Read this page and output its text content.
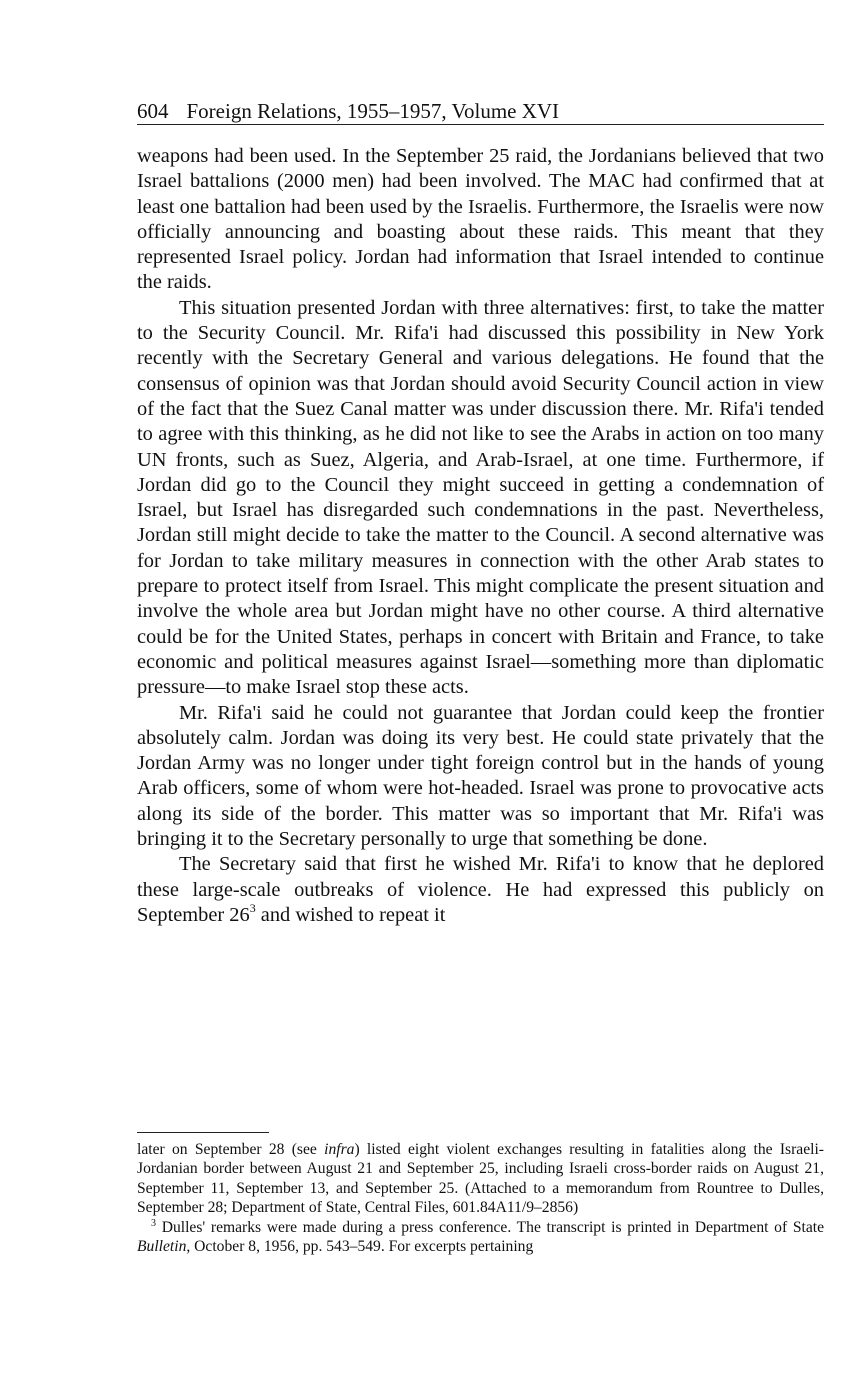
604 Foreign Relations, 1955–1957, Volume XVI

weapons had been used. In the September 25 raid, the Jordanians believed that two Israel battalions (2000 men) had been involved. The MAC had confirmed that at least one battalion had been used by the Israelis. Furthermore, the Israelis were now officially announcing and boasting about these raids. This meant that they represented Israel policy. Jordan had information that Israel intended to continue the raids.

This situation presented Jordan with three alternatives: first, to take the matter to the Security Council. Mr. Rifa'i had discussed this possibility in New York recently with the Secretary General and various delegations. He found that the consensus of opinion was that Jordan should avoid Security Council action in view of the fact that the Suez Canal matter was under discussion there. Mr. Rifa'i tended to agree with this thinking, as he did not like to see the Arabs in action on too many UN fronts, such as Suez, Algeria, and Arab-Israel, at one time. Furthermore, if Jordan did go to the Council they might succeed in getting a condemnation of Israel, but Israel has disregarded such condemnations in the past. Nevertheless, Jordan still might decide to take the matter to the Council. A second alternative was for Jordan to take military measures in connection with the other Arab states to prepare to protect itself from Israel. This might complicate the present situation and involve the whole area but Jordan might have no other course. A third alternative could be for the United States, perhaps in concert with Britain and France, to take economic and political measures against Israel—something more than diplomatic pressure—to make Israel stop these acts.

Mr. Rifa'i said he could not guarantee that Jordan could keep the frontier absolutely calm. Jordan was doing its very best. He could state privately that the Jordan Army was no longer under tight foreign control but in the hands of young Arab officers, some of whom were hot-headed. Israel was prone to provocative acts along its side of the border. This matter was so important that Mr. Rifa'i was bringing it to the Secretary personally to urge that something be done.

The Secretary said that first he wished Mr. Rifa'i to know that he deplored these large-scale outbreaks of violence. He had expressed this publicly on September $26^3$ and wished to repeat it

later on September 28 (see infra) listed eight violent exchanges resulting in fatalities along the Israeli-Jordanian border between August 21 and September 25, including Israeli cross-border raids on August 21, September 11, September 13, and September 25. (Attached to a memorandum from Rountree to Dulles, September 28; Department of State, Central Files, 601.84A11/9–2856)

$^3$ Dulles' remarks were made during a press conference. The transcript is printed in Department of State Bulletin, October 8, 1956, pp. 543–549. For excerpts pertaining
